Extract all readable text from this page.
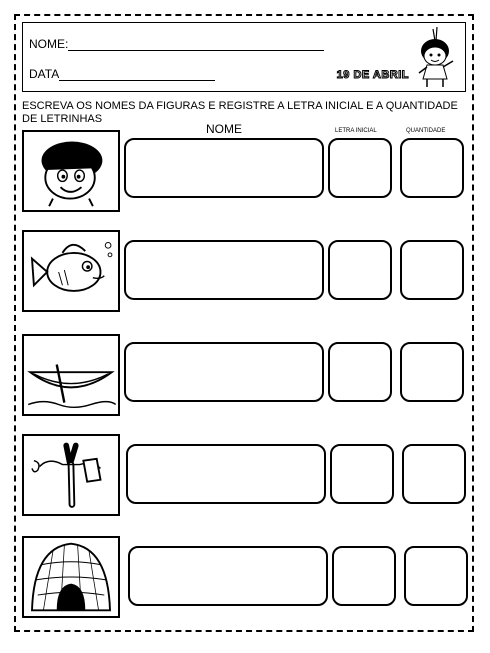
NOME:
DATA	19 DE ABRIL
ESCREVA OS NOMES DA FIGURAS E REGISTRE A LETRA INICIAL E A QUANTIDADE DE LETRINHAS
NOME	LETRA INICIAL	QUANTIDADE
